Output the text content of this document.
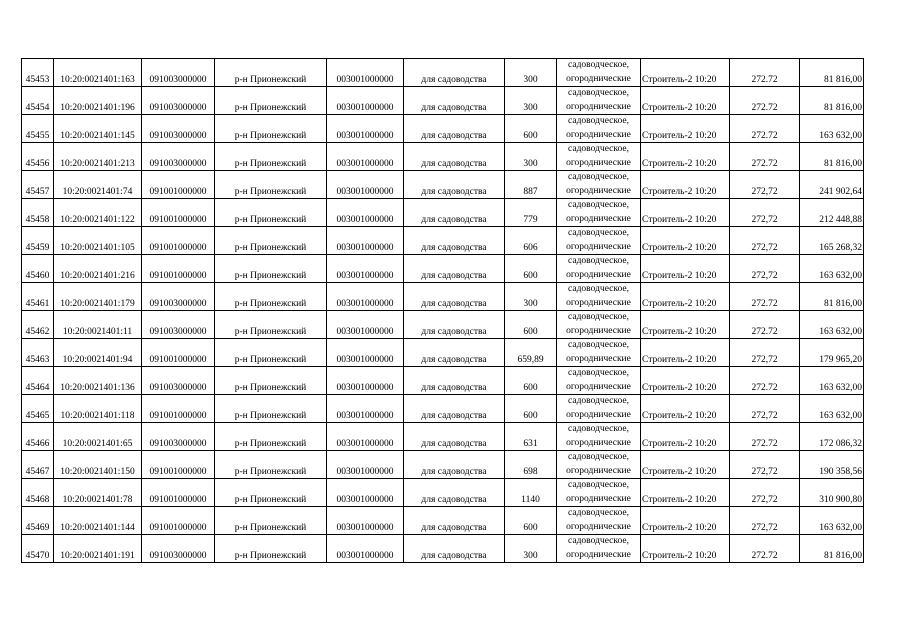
45453	10:20:0021401:163	091003000000	р-н Прионежский	003001000000	для садоводства	300	садоводческое,
огороднические	Строитель-2 10:20	272.72	81 816,00
45454	10:20:0021401:196	091003000000	р-н Прионежский	003001000000	для садоводства	300	садоводческое,
огороднические	Строитель-2 10:20	272.72	81 816,00
45455	10:20:0021401:145	091003000000	р-н Прионежский	003001000000	для садоводства	600	садоводческое,
огороднические	Строитель-2 10:20	272.72	163 632,00
45456	10:20:0021401:213	091003000000	р-н Прионежский	003001000000	для садоводства	300	садоводческое,
огороднические	Строитель-2 10:20	272.72	81 816,00
45457	10:20:0021401:74	091001000000	р-н Прионежский	003001000000	для садоводства	887	садоводческое,
огороднические	Строитель-2 10:20	272,72	241 902,64
45458	10:20:0021401:122	091001000000	р-н Прионежский	003001000000	для садоводства	779	садоводческое,
огороднические	Строитель-2 10:20	272,72	212 448,88
45459	10:20:0021401:105	091001000000	р-н Прионежский	003001000000	для садоводства	606	садоводческое,
огороднические	Строитель-2 10:20	272,72	165 268,32
45460	10:20:0021401:216	091001000000	р-н Прионежский	003001000000	для садоводства	600	садоводческое,
огороднические	Строитель-2 10:20	272,72	163 632,00
45461	10:20:0021401:179	091003000000	р-н Прионежский	003001000000	для садоводства	300	садоводческое,
огороднические	Строитель-2 10:20	272.72	81 816,00
45462	10:20:0021401:11	091003000000	р-н Прионежский	003001000000	для садоводства	600	садоводческое,
огороднические	Строитель-2 10:20	272.72	163 632,00
45463	10:20:0021401:94	091001000000	р-н Прионежский	003001000000	для садоводства	659,89	садоводческое,
огороднические	Строитель-2 10:20	272,72	179 965,20
45464	10:20:0021401:136	091003000000	р-н Прионежский	003001000000	для садоводства	600	садоводческое,
огороднические	Строитель-2 10:20	272.72	163 632,00
45465	10:20:0021401:118	091001000000	р-н Прионежский	003001000000	для садоводства	600	садоводческое,
огороднические	Строитель-2 10:20	272,72	163 632,00
45466	10:20:0021401:65	091003000000	р-н Прионежский	003001000000	для садоводства	631	садоводческое,
огороднические	Строитель-2 10:20	272.72	172 086,32
45467	10:20:0021401:150	091001000000	р-н Прионежский	003001000000	для садоводства	698	садоводческое,
огороднические	Строитель-2 10:20	272,72	190 358,56
45468	10:20:0021401:78	091001000000	р-н Прионежский	003001000000	для садоводства	1140	садоводческое,
огороднические	Строитель-2 10:20	272,72	310 900,80
45469	10:20:0021401:144	091001000000	р-н Прионежский	003001000000	для садоводства	600	садоводческое,
огороднические	Строитель-2 10:20	272,72	163 632,00
45470	10:20:0021401:191	091003000000	р-н Прионежский	003001000000	для садоводства	300	садоводческое,
огороднические	Строитель-2 10:20	272.72	81 816,00
